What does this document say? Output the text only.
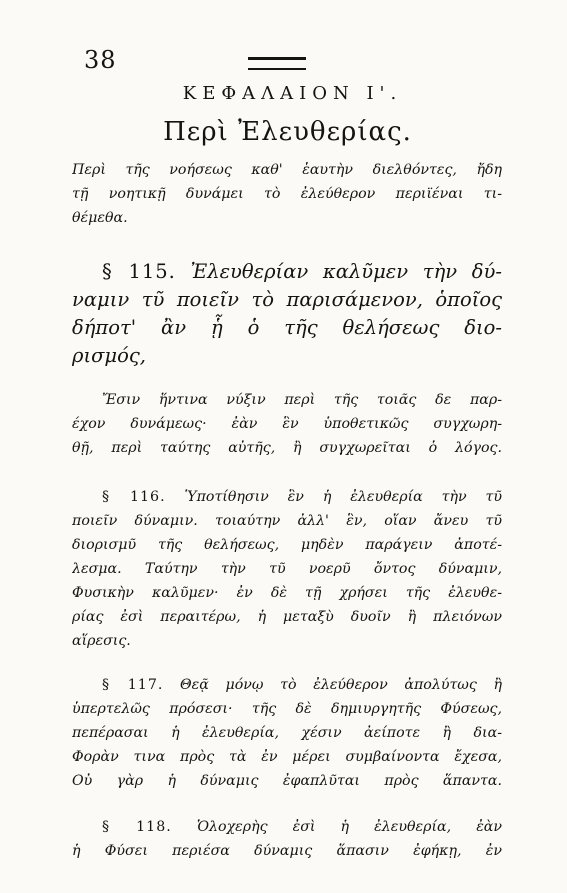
38
ΚΕΦΑΛΑΙΟΝ Ι'.
Περὶ Ἐλευθερίας.
Περὶ τῆς νοήσεως καθ' ἑαυτὴν διελθόντες, ἤδη
τῇ νοητικῇ δυνάμει τὸ ἐλεύθερον περιϊέναι τι-
θέμεθα.
§ 115. Ἐλευθερίαν καλῦμεν τὴν δύ-
ναμιν τῦ ποιεῖν τὸ παρισάμενον, ὁποῖος
δήποτ' ἂν ᾗ ὁ τῆς θελήσεως διο-
ρισμός,
Ἔσιν ἥντινα νύξιν περὶ τῆς τοιᾶς δε παρ-
έχον δυνάμεως· ἐὰν ἓν ὑποθετικῶς συγχωρη-
θῇ, περὶ ταύτης αὐτῆς, ἢ συγχωρεῖται ὁ λόγος.
§ 116. Ὑποτίθησιν ἓν ἡ ἐλευθερία τὴν τῦ
ποιεῖν δύναμιν. τοιαύτην ἀλλ' ἓν, οἵαν ἄνευ τῦ
διορισμῦ τῆς θελήσεως, μηδὲν παράγειν ἀποτέ-
λεσμα. Ταύτην τὴν τῦ νοερῦ ὄντος δύναμιν,
Φυσικὴν καλῦμεν· ἐν δὲ τῇ χρήσει τῆς ἐλευθε-
ρίας ἐσὶ περαιτέρω, ἡ μεταξὺ δυοῖν ἢ πλειόνων
αἵρεσις.
§ 117. Θεᾷ μόνῳ τὸ ἐλεύθερον ἀπολύτως ἢ
ὑπερτελῶς πρόσεσι· τῆς δὲ δημιυργητῆς Φύσεως,
πεπέρασαι ἡ ἐλευθερία, χέσιν ἀείποτε ἢ δια-
Φορὰν τινα πρὸς τὰ ἐν μέρει συμβαίνοντα ἔχεσα,
Οὐ γὰρ ἡ δύναμις ἐφαπλῦται πρὸς ἅπαντα.
§ 118. Ὁλοχερὴς ἐσὶ ἡ ἐλευθερία, ἐὰν
ἡ Φύσει περιέσα δύναμις ἅπασιν ἐφήκῃ, ἐν
